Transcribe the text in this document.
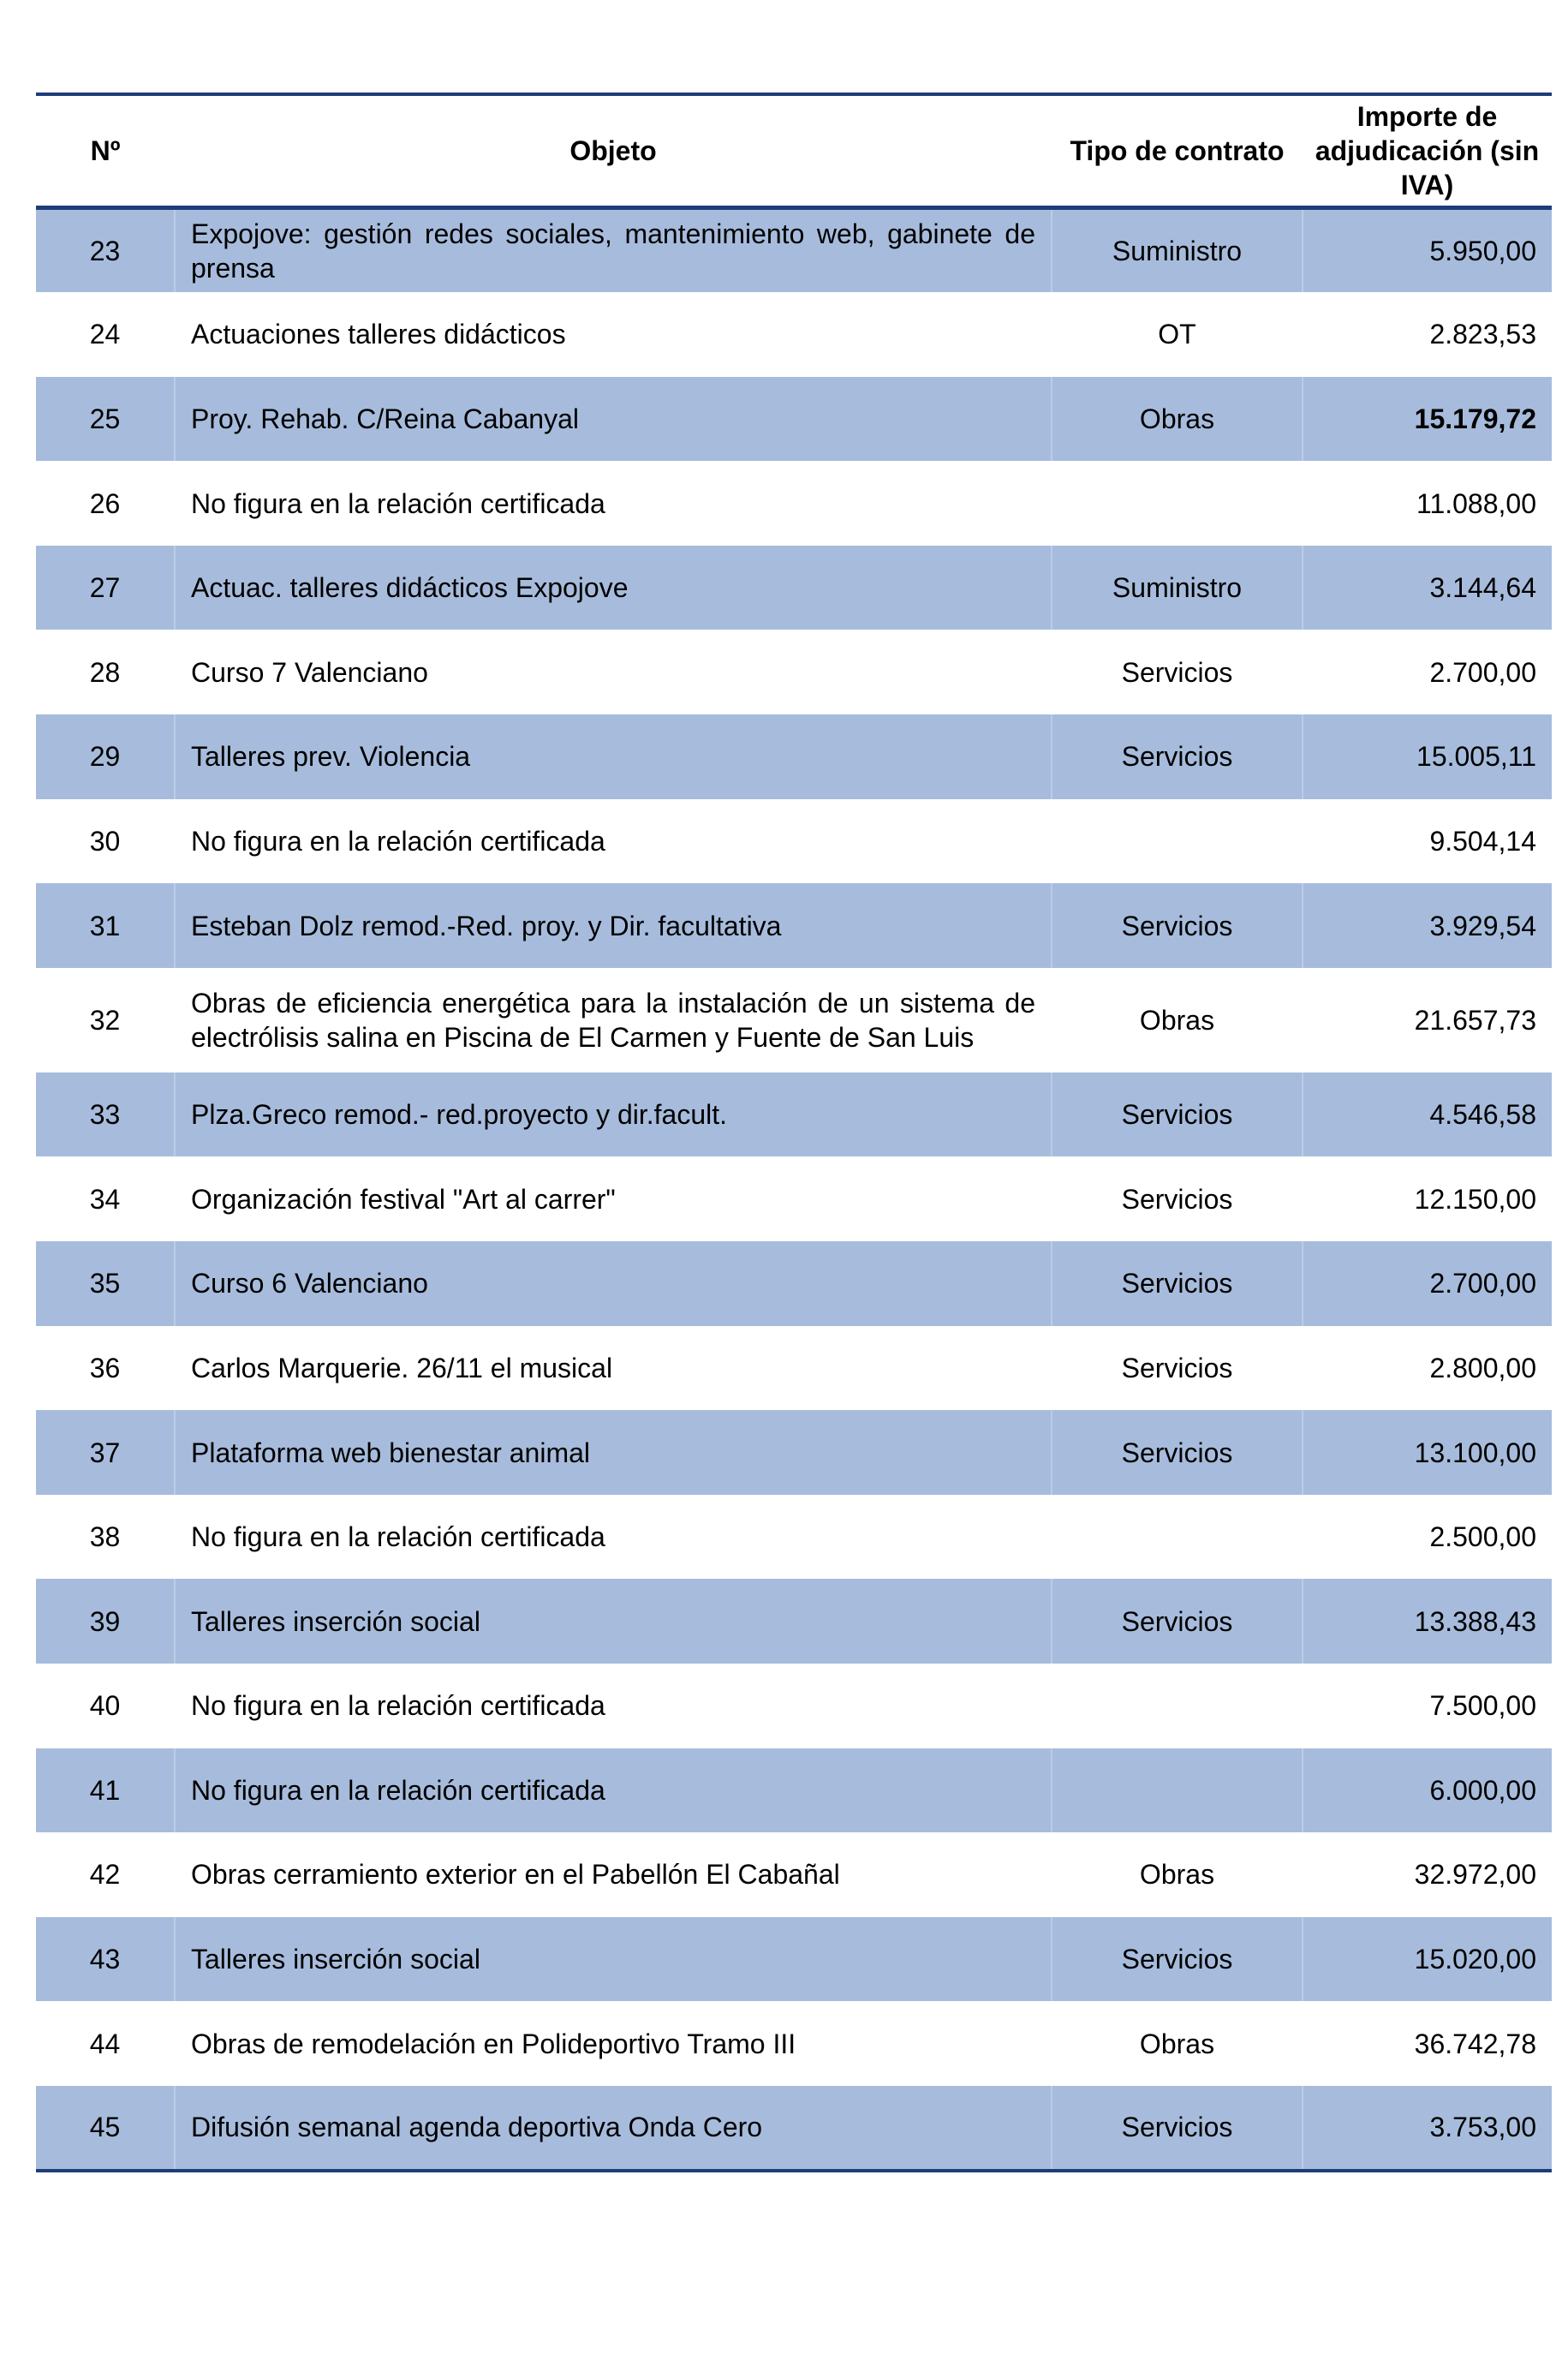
Nº	Objeto	Tipo de contrato	Importe de adjudicación (sin IVA)
23	Expojove: gestión redes sociales, mantenimiento web, gabinete de prensa	Suministro	5.950,00
24	Actuaciones talleres didácticos	OT	2.823,53
25	Proy. Rehab. C/Reina Cabanyal	Obras	15.179,72
26	No figura en la relación certificada		11.088,00
27	Actuac. talleres didácticos Expojove	Suministro	3.144,64
28	Curso 7 Valenciano	Servicios	2.700,00
29	Talleres prev. Violencia	Servicios	15.005,11
30	No figura en la relación certificada		9.504,14
31	Esteban Dolz remod.-Red. proy. y Dir. facultativa	Servicios	3.929,54
32	Obras de eficiencia energética para la instalación de un sistema de electrólisis salina en Piscina de El Carmen y Fuente de San Luis	Obras	21.657,73
33	Plza.Greco remod.- red.proyecto y dir.facult.	Servicios	4.546,58
34	Organización festival "Art al carrer"	Servicios	12.150,00
35	Curso 6 Valenciano	Servicios	2.700,00
36	Carlos Marquerie. 26/11 el musical	Servicios	2.800,00
37	Plataforma web bienestar animal	Servicios	13.100,00
38	No figura en la relación certificada		2.500,00
39	Talleres inserción social	Servicios	13.388,43
40	No figura en la relación certificada		7.500,00
41	No figura en la relación certificada		6.000,00
42	Obras cerramiento exterior en el Pabellón El Cabañal	Obras	32.972,00
43	Talleres inserción social	Servicios	15.020,00
44	Obras de remodelación en Polideportivo Tramo III	Obras	36.742,78
45	Difusión semanal agenda deportiva Onda Cero	Servicios	3.753,00
